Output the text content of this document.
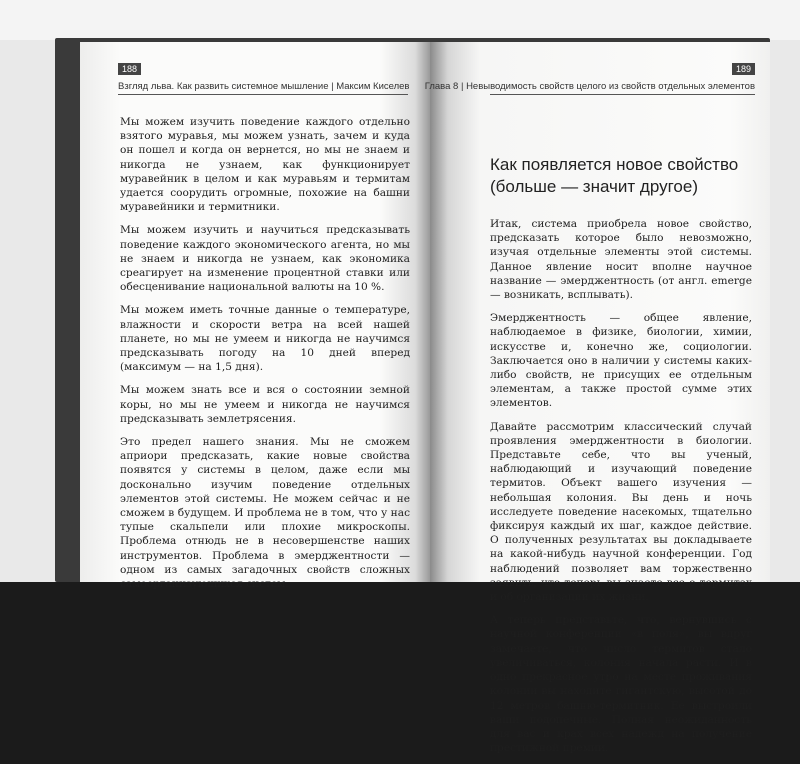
188
Взгляд льва. Как развить системное мышление | Максим Киселев

Мы можем изучить поведение каждого отдельно взятого муравья, мы можем узнать, зачем и куда он пошел и когда он вернется, но мы не знаем и никогда не узнаем, как функционирует муравейник в целом и как муравьям и термитам удается соорудить огромные, похожие на башни муравейники и термитники.

Мы можем изучить и научиться предсказывать поведение каждого экономического агента, но мы не знаем и никогда не узнаем, как экономика среагирует на изменение процентной ставки или обесценивание национальной валюты на 10 %.

Мы можем иметь точные данные о температуре, влажности и скорости ветра на всей нашей планете, но мы не умеем и никогда не научимся предсказывать погоду на 10 дней вперед (максимум — на 1,5 дня).

Мы можем знать все и вся о состоянии земной коры, но мы не умеем и никогда не научимся предсказывать землетрясения.

Это предел нашего знания. Мы не сможем априори предсказать, какие новые свойства появятся у системы в целом, даже если мы досконально изучим поведение отдельных элементов этой системы. Не можем сейчас и не сможем в будущем. И проблема не в том, что у нас тупые скальпели или плохие микроскопы. Проблема отнюдь не в несовершенстве наших инструментов. Проблема в эмерджентности — одном из самых загадочных свойств сложных самоорганизующихся систем.

189
Глава 8 | Невыводимость свойств целого из свойств отдельных элементов
Как появляется новое свойство
(больше — значит другое)

Итак, система приобрела новое свойство, предсказать которое было невозможно, изучая отдельные элементы этой системы. Данное явление носит вполне научное название — эмерджентность (от англ. emerge — возникать, всплывать).

Эмерджентность — общее явление, наблюдаемое в физике, биологии, химии, искусстве и, конечно же, социологии. Заключается оно в наличии у системы каких-либо свойств, не присущих ее отдельным элементам, а также простой сумме этих элементов.

Давайте рассмотрим классический случай проявления эмерджентности в биологии. Представьте себе, что вы ученый, наблюдающий и изучающий поведение термитов. Объект вашего изучения — небольшая колония. Вы день и ночь исследуете поведение насекомых, тщательно фиксируя каждый их шаг, каждое действие. О полученных результатах вы докладываете на какой-нибудь научной конференции. Год наблюдений позволяет вам торжественно заявить, что теперь вы знаете все о термитах и об организации их жизни.

А теперь представьте, что, вернувшись с научной конференции «в поля», вы вдруг замечаете, что число термитов стало увеличиваться, колония начала расти. И в одно прекрасное утро на месте проживания колонии вы находите гигантскую, высотой до 12 метров башню-термитник. Ее выстроили ваши подопечные. Полная неожиданность для вас и крах всех надежд на получение престижной премии.
